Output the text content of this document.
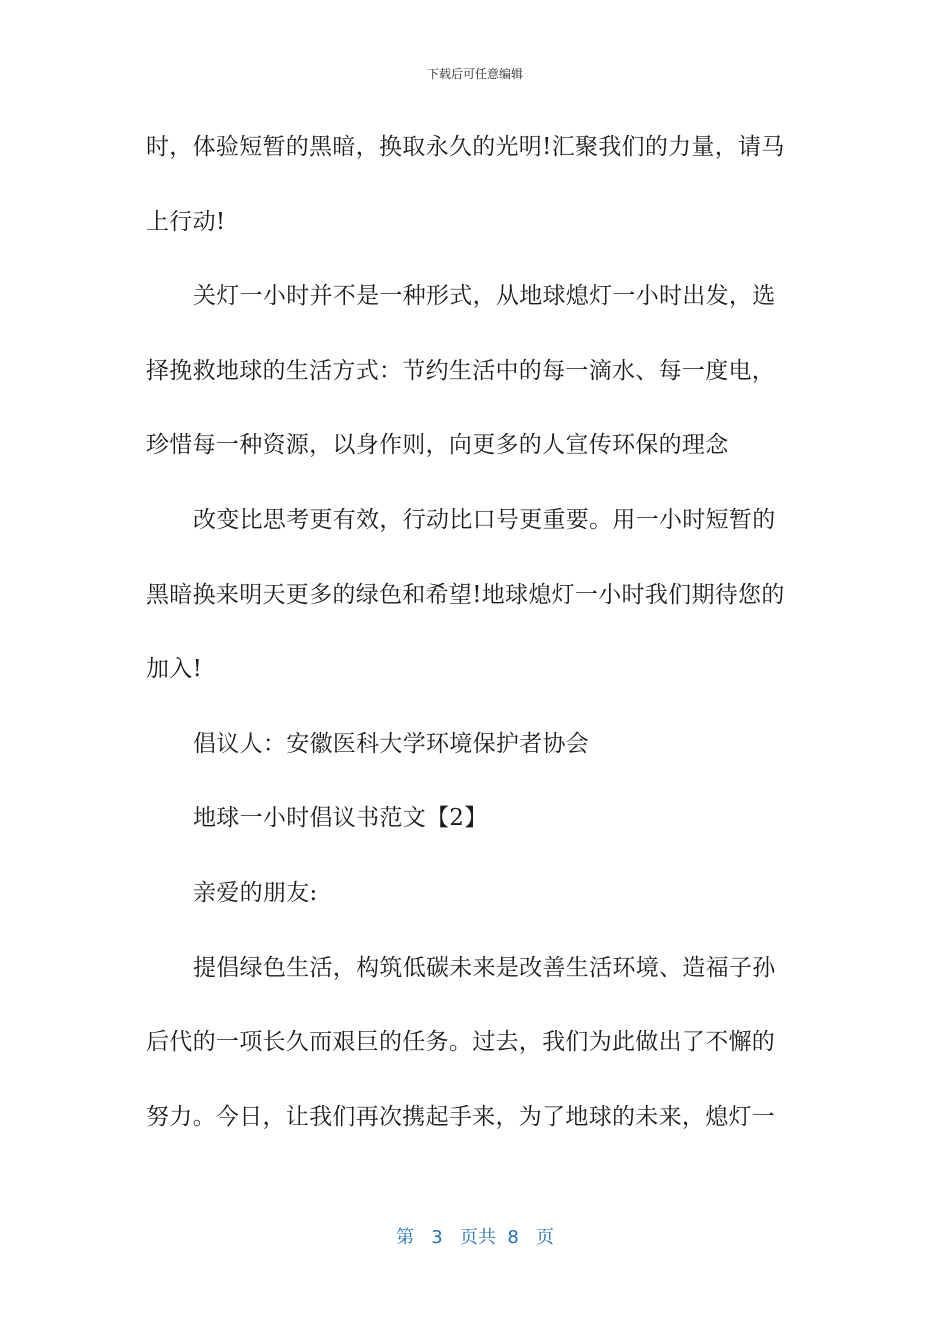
下载后可任意编辑
时，体验短暂的黑暗，换取永久的光明!汇聚我们的力量，请马
上行动!
关灯一小时并不是一种形式，从地球熄灯一小时出发，选
择挽救地球的生活方式：节约生活中的每一滴水、每一度电，
珍惜每一种资源，以身作则，向更多的人宣传环保的理念
改变比思考更有效，行动比口号更重要。用一小时短暂的
黑暗换来明天更多的绿色和希望!地球熄灯一小时我们期待您的
加入!
倡议人：安徽医科大学环境保护者协会
地球一小时倡议书范文【2】
亲爱的朋友:
提倡绿色生活，构筑低碳未来是改善生活环境、造福子孙
后代的一项长久而艰巨的任务。过去，我们为此做出了不懈的
努力。今日，让我们再次携起手来，为了地球的未来，熄灯一
第 3 页共 8 页
